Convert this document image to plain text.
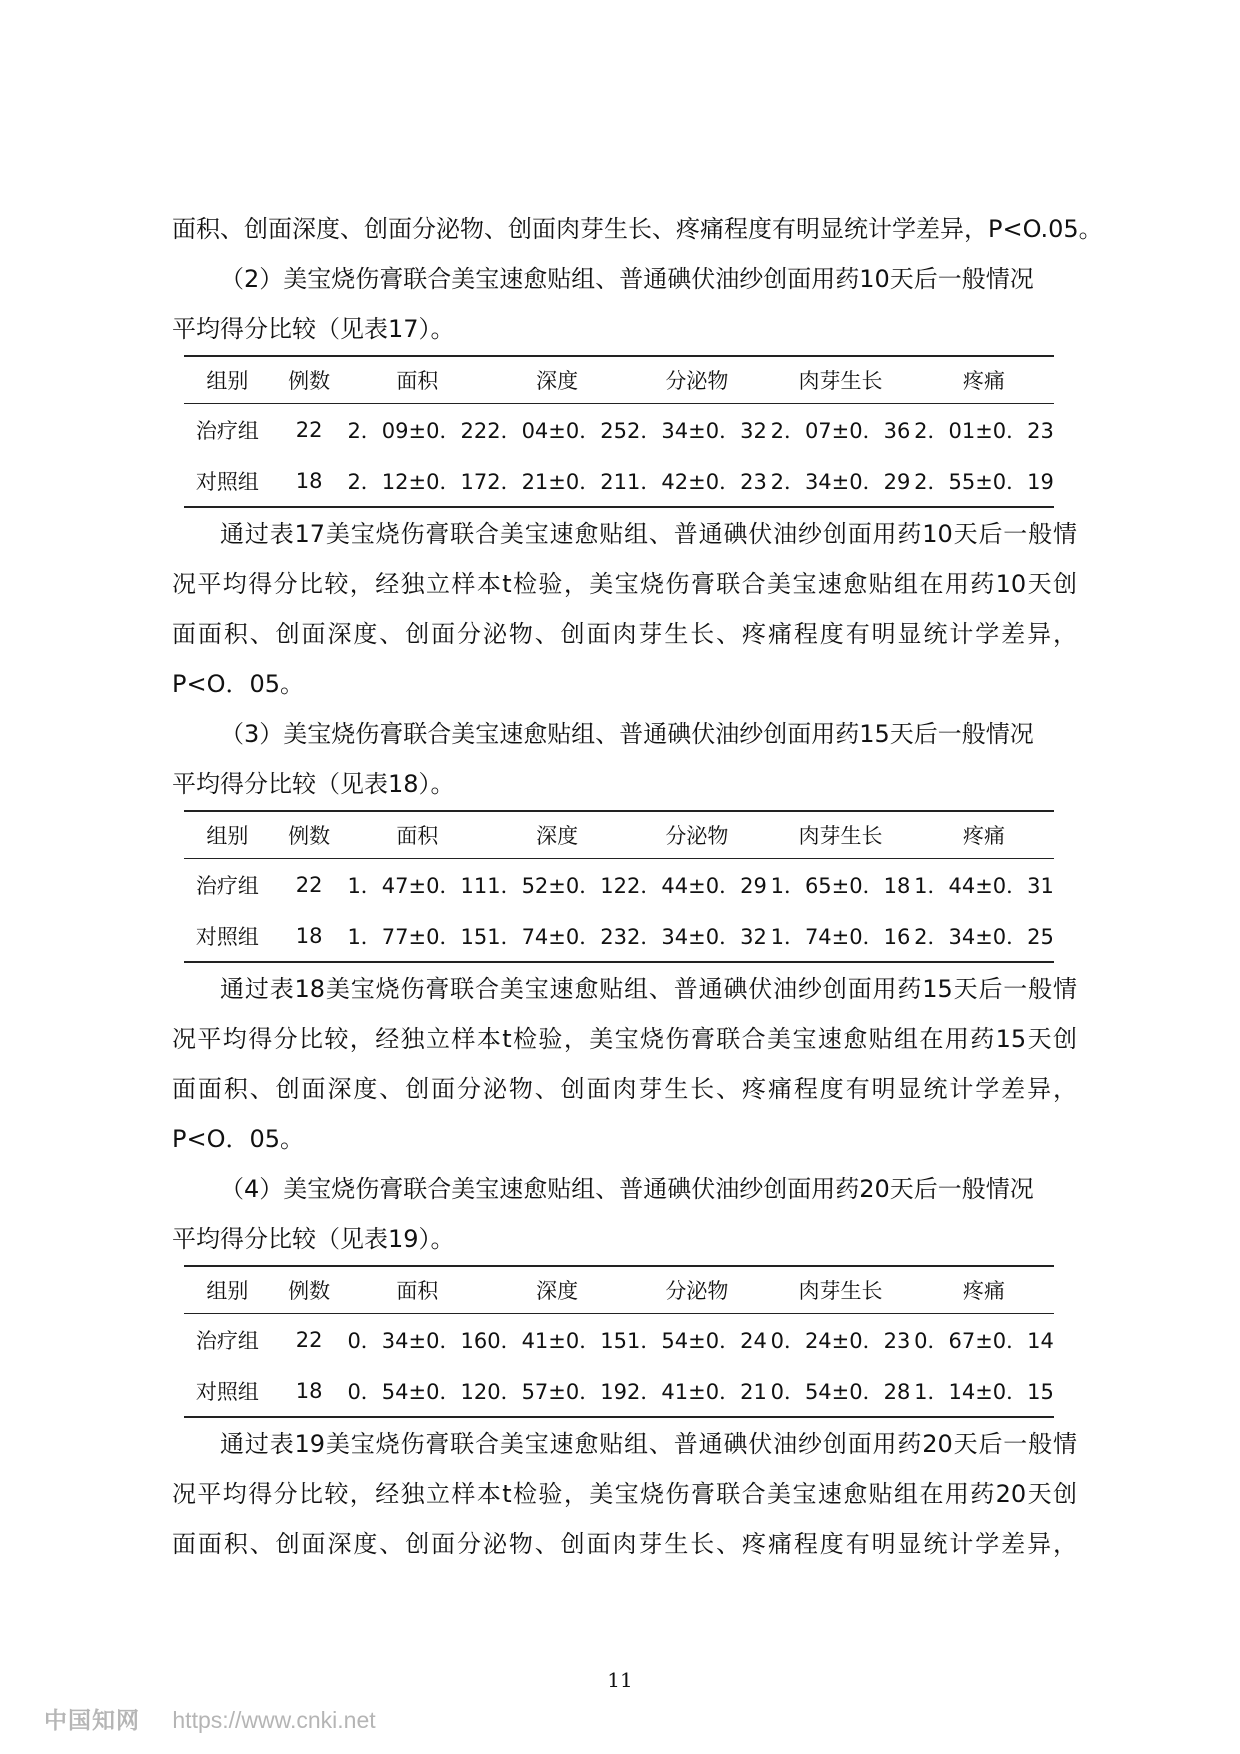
面积、创面深度、创面分泌物、创面肉芽生长、疼痛程度有明显统计学差异，P<O.05。

（2）美宝烧伤膏联合美宝速愈贴组、普通碘伏油纱创面用药10天后一般情况

平均得分比较（见表17）。

组别	例数	面积	深度	分泌物	肉芽生长	疼痛
治疗组	22	2．09±0．22	2．04±0．25	2．34±0．32	2．07±0．36	2．01±0．23
对照组	18	2．12±0．17	2．21±0．21	1．42±0．23	2．34±0．29	2．55±0．19

通过表17美宝烧伤膏联合美宝速愈贴组、普通碘伏油纱创面用药10天后一般情

况平均得分比较，经独立样本t检验，美宝烧伤膏联合美宝速愈贴组在用药10天创

面面积、创面深度、创面分泌物、创面肉芽生长、疼痛程度有明显统计学差异，

P<O．05。

（3）美宝烧伤膏联合美宝速愈贴组、普通碘伏油纱创面用药15天后一般情况

平均得分比较（见表18）。

组别	例数	面积	深度	分泌物	肉芽生长	疼痛
治疗组	22	1．47±0．11	1．52±0．12	2．44±0．29	1．65±0．18	1．44±0．31
对照组	18	1．77±0．15	1．74±0．23	2．34±0．32	1．74±0．16	2．34±0．25

通过表18美宝烧伤膏联合美宝速愈贴组、普通碘伏油纱创面用药15天后一般情

况平均得分比较，经独立样本t检验，美宝烧伤膏联合美宝速愈贴组在用药15天创

面面积、创面深度、创面分泌物、创面肉芽生长、疼痛程度有明显统计学差异，

P<O．05。

（4）美宝烧伤膏联合美宝速愈贴组、普通碘伏油纱创面用药20天后一般情况

平均得分比较（见表19）。

组别	例数	面积	深度	分泌物	肉芽生长	疼痛
治疗组	22	0．34±0．16	0．41±0．15	1．54±0．24	0．24±0．23	0．67±0．14
对照组	18	0．54±0．12	0．57±0．19	2．41±0．21	0．54±0．28	1．14±0．15

通过表19美宝烧伤膏联合美宝速愈贴组、普通碘伏油纱创面用药20天后一般情

况平均得分比较，经独立样本t检验，美宝烧伤膏联合美宝速愈贴组在用药20天创

面面积、创面深度、创面分泌物、创面肉芽生长、疼痛程度有明显统计学差异，

11
中国知网 https://www.cnki.net
